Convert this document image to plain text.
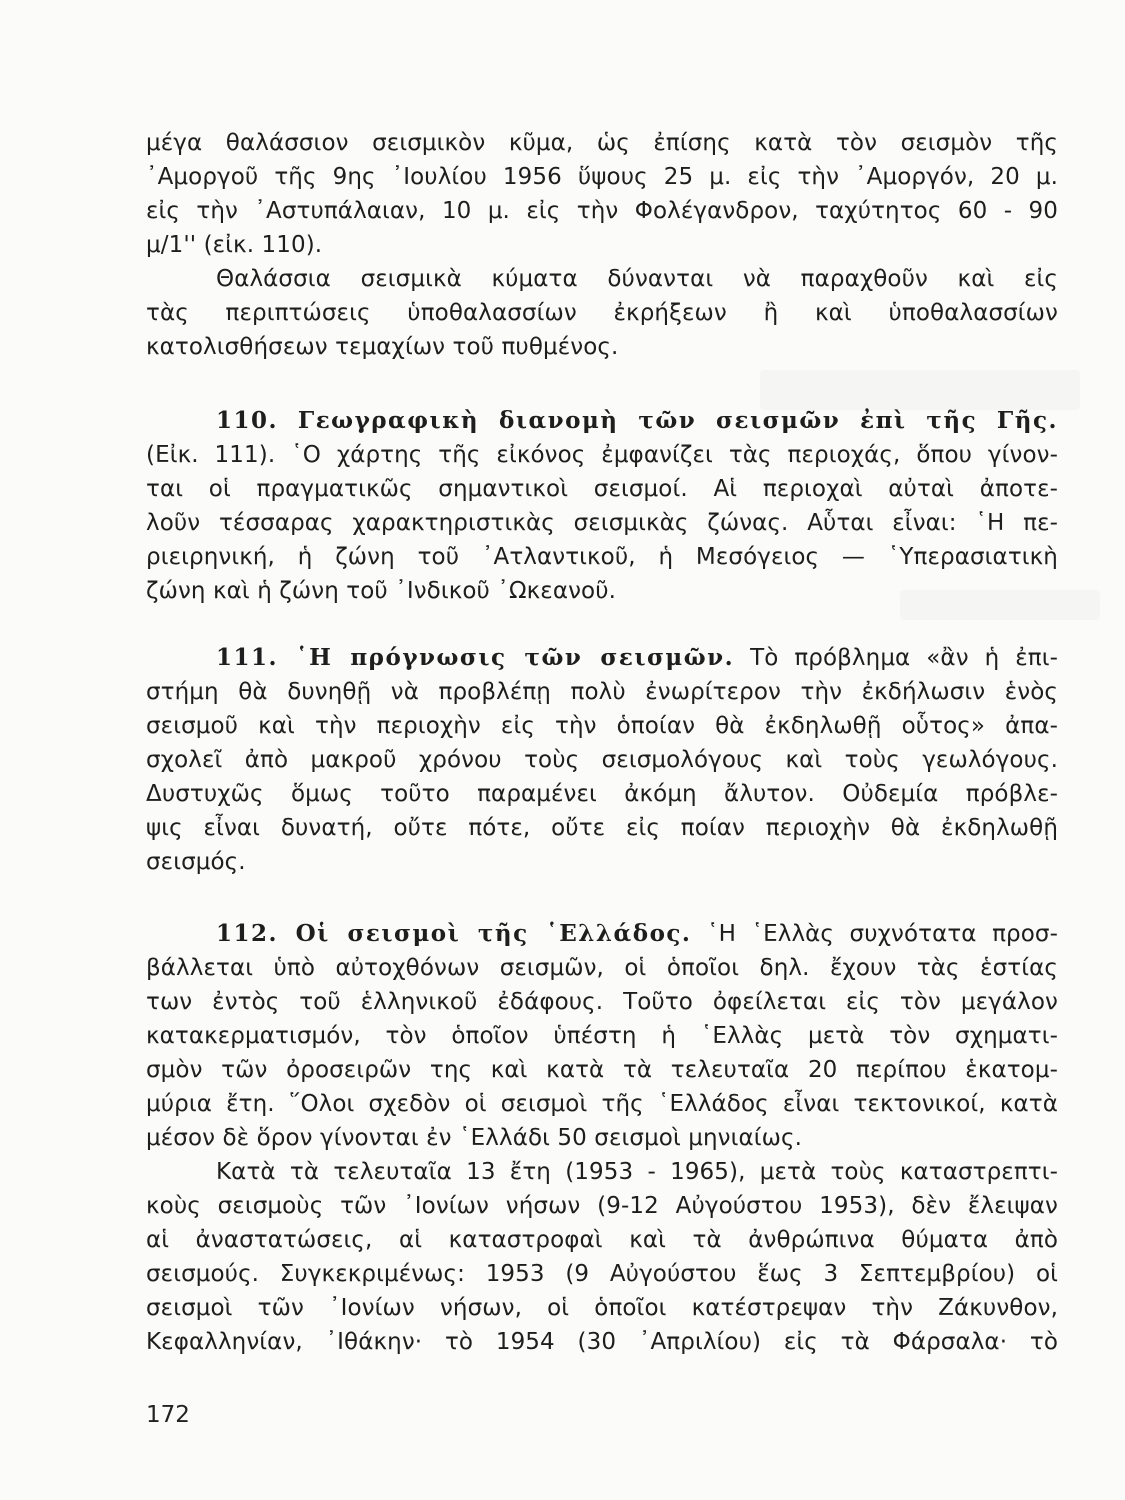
μέγα θαλάσσιον σεισμικὸν κῦμα, ὡς ἐπίσης κατὰ τὸν σεισμὸν τῆς
᾿Αμοργοῦ τῆς 9ης ᾿Ιουλίου 1956 ὕψους 25 μ. εἰς τὴν ᾿Αμοργόν, 20 μ.
εἰς τὴν ᾿Αστυπάλαιαν, 10 μ. εἰς τὴν Φολέγανδρον, ταχύτητος 60 - 90
μ/1'' (εἰκ. 110).
Θαλάσσια σεισμικὰ κύματα δύνανται νὰ παραχθοῦν καὶ εἰς
τὰς περιπτώσεις ὑποθαλασσίων ἐκρήξεων ἢ καὶ ὑποθαλασσίων
κατολισθήσεων τεμαχίων τοῦ πυθμένος.
110. Γεωγραφικὴ διανομὴ τῶν σεισμῶν ἐπὶ τῆς Γῆς.
(Εἰκ. 111). ῾Ο χάρτης τῆς εἰκόνος ἐμφανίζει τὰς περιοχάς, ὅπου γίνον-
ται οἱ πραγματικῶς σημαντικοὶ σεισμοί. Αἱ περιοχαὶ αὐταὶ ἀποτε-
λοῦν τέσσαρας χαρακτηριστικὰς σεισμικὰς ζώνας. Αὗται εἶναι: ῾Η πε-
ριειρηνική, ἡ ζώνη τοῦ ᾿Ατλαντικοῦ, ἡ Μεσόγειος — ῾Υπερασιατικὴ
ζώνη καὶ ἡ ζώνη τοῦ ᾿Ινδικοῦ ᾿Ωκεανοῦ.
111. ῾Η πρόγνωσις τῶν σεισμῶν. Τὸ πρόβλημα «ἂν ἡ ἐπι-
στήμη θὰ δυνηθῇ νὰ προβλέπῃ πολὺ ἐνωρίτερον τὴν ἐκδήλωσιν ἑνὸς
σεισμοῦ καὶ τὴν περιοχὴν εἰς τὴν ὁποίαν θὰ ἐκδηλωθῇ οὗτος» ἀπα-
σχολεῖ ἀπὸ μακροῦ χρόνου τοὺς σεισμολόγους καὶ τοὺς γεωλόγους.
Δυστυχῶς ὅμως τοῦτο παραμένει ἀκόμη ἄλυτον. Οὐδεμία πρόβλε-
ψις εἶναι δυνατή, οὔτε πότε, οὔτε εἰς ποίαν περιοχὴν θὰ ἐκδηλωθῇ
σεισμός.
112. Οἱ σεισμοὶ τῆς ῾Ελλάδος. ῾Η ῾Ελλὰς συχνότατα προσ-
βάλλεται ὑπὸ αὐτοχθόνων σεισμῶν, οἱ ὁποῖοι δηλ. ἔχουν τὰς ἑστίας
των ἐντὸς τοῦ ἑλληνικοῦ ἐδάφους. Τοῦτο ὀφείλεται εἰς τὸν μεγάλον
κατακερματισμόν, τὸν ὁποῖον ὑπέστη ἡ ῾Ελλὰς μετὰ τὸν σχηματι-
σμὸν τῶν ὀροσειρῶν της καὶ κατὰ τὰ τελευταῖα 20 περίπου ἑκατομ-
μύρια ἔτη. ῞Ολοι σχεδὸν οἱ σεισμοὶ τῆς ῾Ελλάδος εἶναι τεκτονικοί, κατὰ
μέσον δὲ ὅρον γίνονται ἐν ῾Ελλάδι 50 σεισμοὶ μηνιαίως.
Κατὰ τὰ τελευταῖα 13 ἔτη (1953 - 1965), μετὰ τοὺς καταστρεπτι-
κοὺς σεισμοὺς τῶν ᾿Ιονίων νήσων (9-12 Αὐγούστου 1953), δὲν ἔλειψαν
αἱ ἀναστατώσεις, αἱ καταστροφαὶ καὶ τὰ ἀνθρώπινα θύματα ἀπὸ
σεισμούς. Συγκεκριμένως: 1953 (9 Αὐγούστου ἕως 3 Σεπτεμβρίου) οἱ
σεισμοὶ τῶν ᾿Ιονίων νήσων, οἱ ὁποῖοι κατέστρεψαν τὴν Ζάκυνθον,
Κεφαλληνίαν, ᾿Ιθάκην· τὸ 1954 (30 ᾿Απριλίου) εἰς τὰ Φάρσαλα· τὸ
172
